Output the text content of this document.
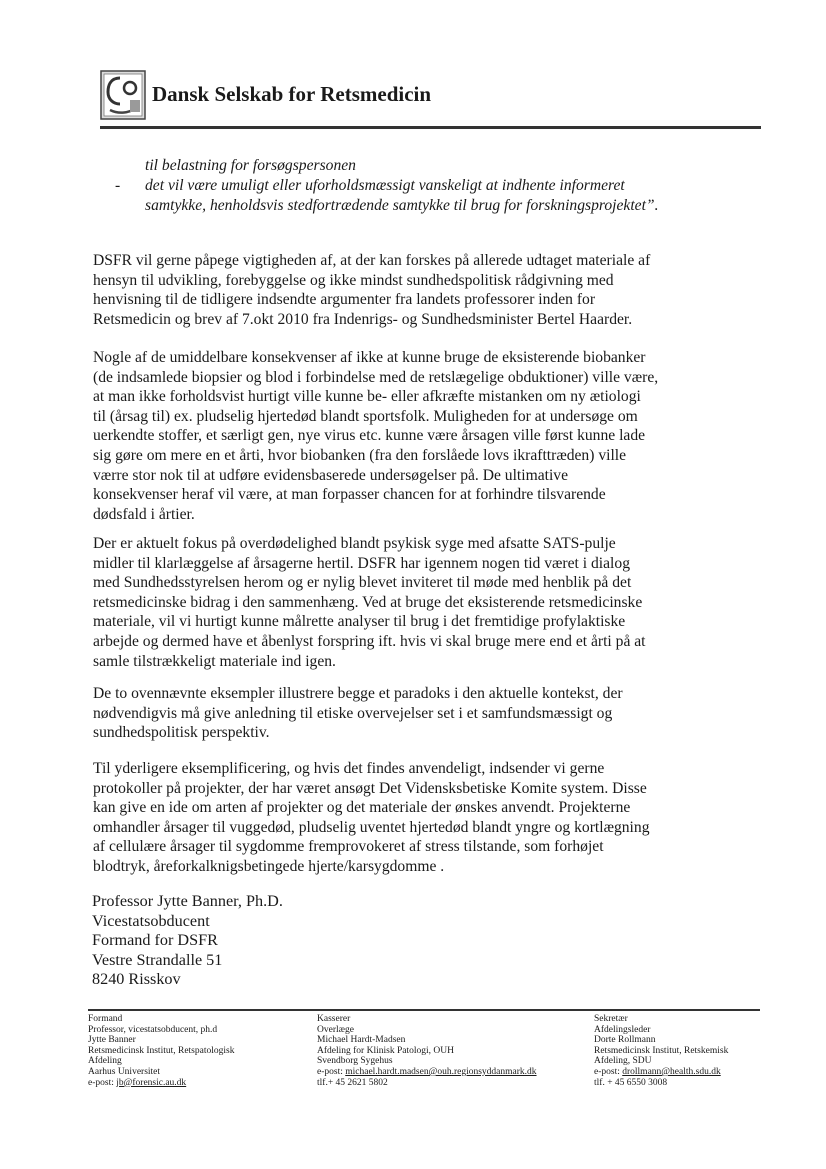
Dansk Selskab for Retsmedicin
til belastning for forsøgspersonen
- det vil være umuligt eller uforholdsmæssigt vanskeligt at indhente informeret
samtykke, henholdsvis stedfortrædende samtykke til brug for forskningsprojektet”.
DSFR vil gerne påpege vigtigheden af, at der kan forskes på allerede udtaget materiale af
hensyn til udvikling, forebyggelse og ikke mindst sundhedspolitisk rådgivning med
henvisning til de tidligere indsendte argumenter fra landets professorer inden for
Retsmedicin og brev af 7.okt 2010 fra Indenrigs- og Sundhedsminister Bertel Haarder.
Nogle af de umiddelbare konsekvenser af ikke at kunne bruge de eksisterende biobanker
(de indsamlede biopsier og blod i forbindelse med de retslægelige obduktioner) ville være,
at man ikke forholdsvist hurtigt ville kunne be- eller afkræfte mistanken om ny ætiologi
til (årsag til) ex. pludselig hjertedød blandt sportsfolk. Muligheden for at undersøge om
uerkendte stoffer, et særligt gen, nye virus etc. kunne være årsagen ville først kunne lade
sig gøre om mere en et årti, hvor biobanken (fra den forslåede lovs ikrafttræden) ville
værre stor nok til at udføre evidensbaserede undersøgelser på. De ultimative
konsekvenser heraf vil være, at man forpasser chancen for at forhindre tilsvarende
dødsfald i årtier.
Der er aktuelt fokus på overdødelighed blandt psykisk syge med afsatte SATS-pulje
midler til klarlæggelse af årsagerne hertil. DSFR har igennem nogen tid været i dialog
med Sundhedsstyrelsen herom og er nylig blevet inviteret til møde med henblik på det
retsmedicinske bidrag i den sammenhæng. Ved at bruge det eksisterende retsmedicinske
materiale, vil vi hurtigt kunne målrette analyser til brug i det fremtidige profylaktiske
arbejde og dermed have et åbenlyst forspring ift. hvis vi skal bruge mere end et årti på at
samle tilstrækkeligt materiale ind igen.
De to ovennævnte eksempler illustrere begge et paradoks i den aktuelle kontekst, der
nødvendigvis må give anledning til etiske overvejelser set i et samfundsmæssigt og
sundhedspolitisk perspektiv.
Til yderligere eksemplificering, og hvis det findes anvendeligt, indsender vi gerne
protokoller på projekter, der har været ansøgt Det Vidensksbetiske Komite system. Disse
kan give en ide om arten af projekter og det materiale der ønskes anvendt. Projekterne
omhandler årsager til vuggedød, pludselig uventet hjertedød blandt yngre og kortlægning
af cellulære årsager til sygdomme fremprovokeret af stress tilstande, som forhøjet
blodtryk, åreforkalknigsbetingede hjerte/karsygdomme .
Professor Jytte Banner, Ph.D.
Vicestatsobducent
Formand for DSFR
Vestre Strandalle 51
8240 Risskov
Formand
Professor, vicestatsobducent, ph.d
Jytte Banner
Retsmedicinsk Institut, Retspatologisk
Afdeling
Aarhus Universitet
e-post: jb@forensic.au.dk
Kasserer
Overlæge
Michael Hardt-Madsen
Afdeling for Klinisk Patologi, OUH
Svendborg Sygehus
e-post: michael.hardt.madsen@ouh.regionsyddanmark.dk
tlf.+ 45 2621 5802
Sekretær
Afdelingsleder
Dorte Rollmann
Retsmedicinsk Institut, Retskemisk
Afdeling, SDU
e-post: drollmann@health.sdu.dk
tlf. + 45 6550 3008
